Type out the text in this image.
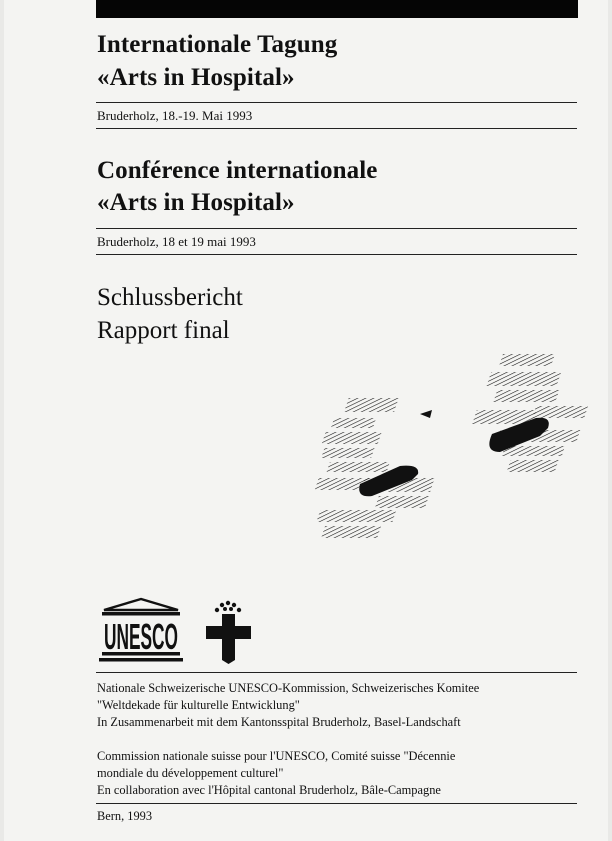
Internationale Tagung
«Arts in Hospital»
Bruderholz, 18.-19. Mai 1993
Conférence internationale
«Arts in Hospital»
Bruderholz, 18 et 19 mai 1993
Schlussbericht
Rapport final
UNESCO
Nationale Schweizerische UNESCO-Kommission, Schweizerisches Komitee
"Weltdekade für kulturelle Entwicklung"
In Zusammenarbeit mit dem Kantonsspital Bruderholz, Basel-Landschaft
Commission nationale suisse pour l'UNESCO, Comité suisse "Décennie
mondiale du développement culturel"
En collaboration avec l'Hôpital cantonal Bruderholz, Bâle-Campagne
Bern, 1993
